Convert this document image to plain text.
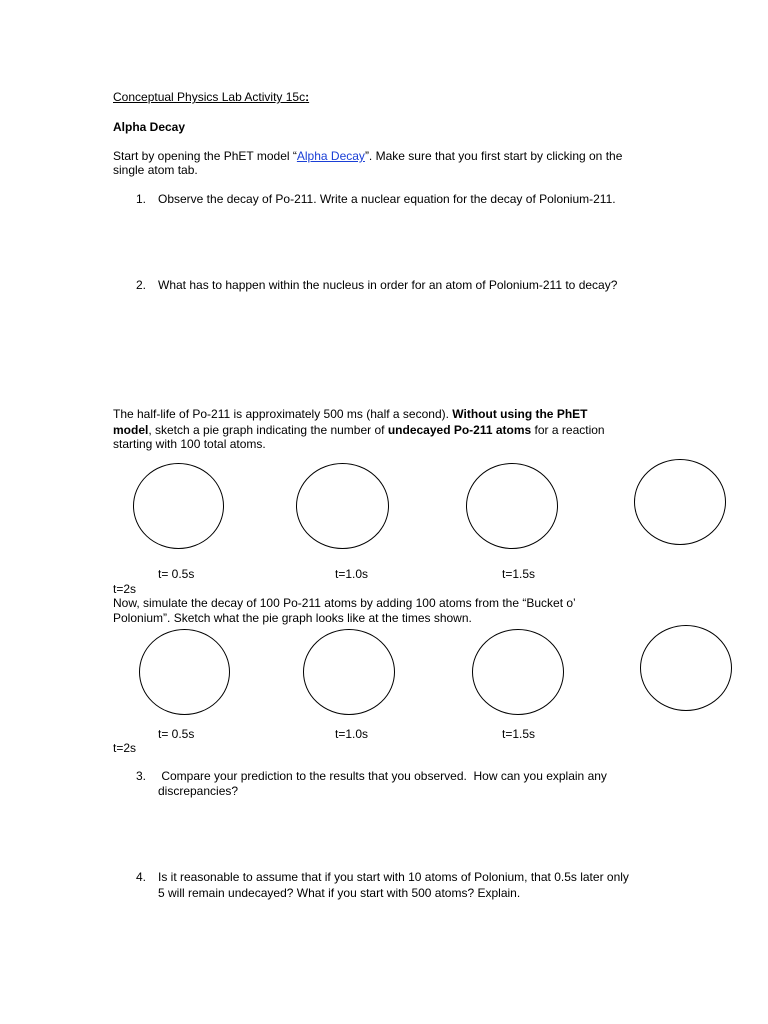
Conceptual Physics Lab Activity 15c:
Alpha Decay
Start by opening the PhET model “Alpha Decay”. Make sure that you first start by clicking on the
single atom tab.
1. Observe the decay of Po-211. Write a nuclear equation for the decay of Polonium-211.
2. What has to happen within the nucleus in order for an atom of Polonium-211 to decay?
The half-life of Po-211 is approximately 500 ms (half a second). Without using the PhET
model, sketch a pie graph indicating the number of undecayed Po-211 atoms for a reaction
starting with 100 total atoms.
t= 0.5s	t=1.0s	t=1.5s
t=2s
Now, simulate the decay of 100 Po-211 atoms by adding 100 atoms from the “Bucket o’
Polonium”. Sketch what the pie graph looks like at the times shown.
t= 0.5s	t=1.0s	t=1.5s
t=2s
3. Compare your prediction to the results that you observed.  How can you explain any
discrepancies?
4. Is it reasonable to assume that if you start with 10 atoms of Polonium, that 0.5s later only
5 will remain undecayed? What if you start with 500 atoms? Explain.
